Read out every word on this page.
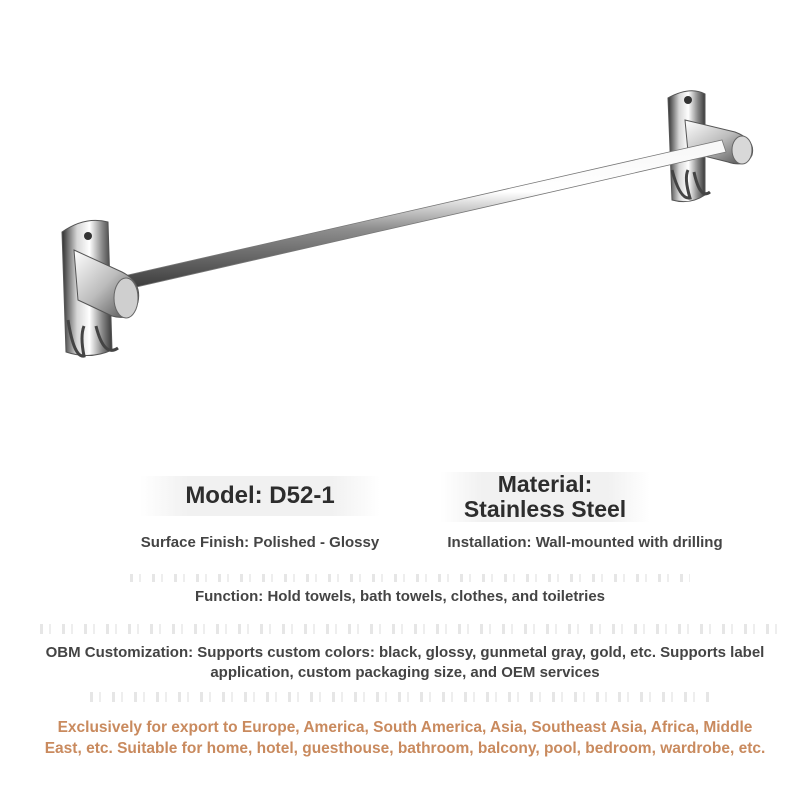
Model: D52-1	Material:
Stainless Steel
Surface Finish: Polished - Glossy	Installation: Wall-mounted with drilling
Function: Hold towels, bath towels, clothes, and toiletries
OBM Customization: Supports custom colors: black, glossy, gunmetal gray, gold, etc. Supports label application, custom packaging size, and OEM services
Exclusively for export to Europe, America, South America, Asia, Southeast Asia, Africa, Middle East, etc. Suitable for home, hotel, guesthouse, bathroom, balcony, pool, bedroom, wardrobe, etc.
